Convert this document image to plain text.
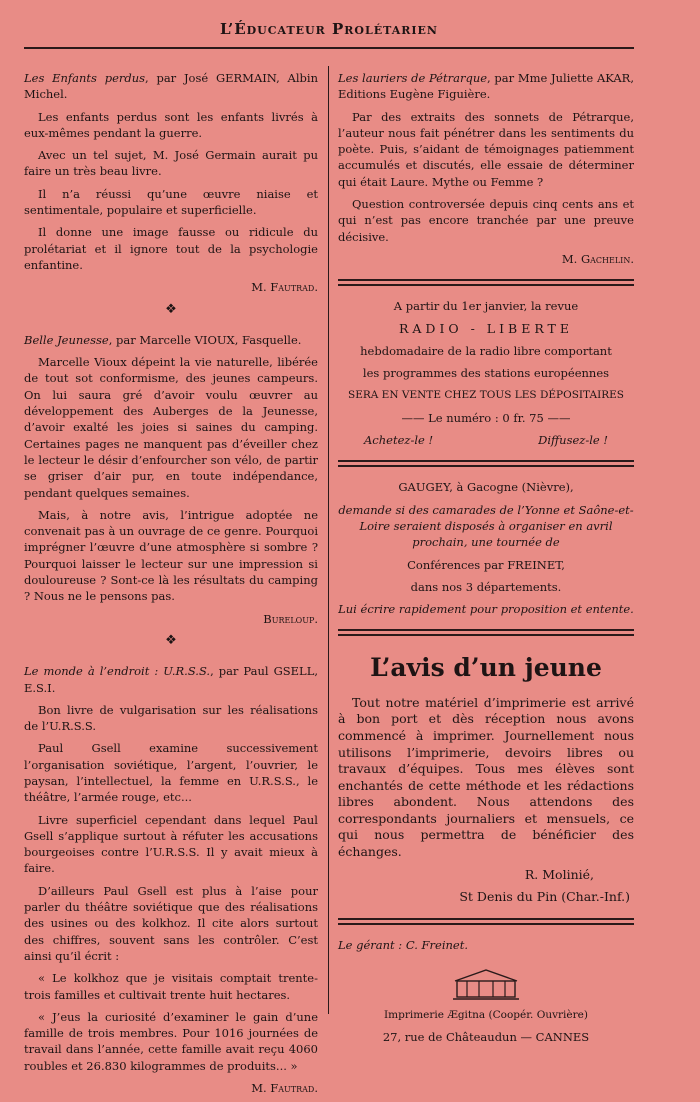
L’Éducateur Prolétarien

Les Enfants perdus, par José GERMAIN, Albin Michel.

Les enfants perdus sont les enfants livrés à eux-mêmes pendant la guerre.

Avec un tel sujet, M. José Germain aurait pu faire un très beau livre.

Il n’a réussi qu’une œuvre niaise et sentimentale, populaire et superficielle.

Il donne une image fausse ou ridicule du prolétariat et il ignore tout de la psychologie enfantine.

M. Fautrad.

❖

Belle Jeunesse, par Marcelle VIOUX, Fasquelle.

Marcelle Vioux dépeint la vie naturelle, libérée de tout sot conformisme, des jeunes campeurs. On lui saura gré d’avoir voulu œuvrer au développement des Auberges de la Jeunesse, d’avoir exalté les joies si saines du camping. Certaines pages ne manquent pas d’éveiller chez le lecteur le désir d’enfourcher son vélo, de partir se griser d’air pur, en toute indépendance, pendant quelques semaines.

Mais, à notre avis, l’intrigue adoptée ne convenait pas à un ouvrage de ce genre. Pourquoi imprégner l’œuvre d’une atmosphère si sombre ? Pourquoi laisser le lecteur sur une impression si douloureuse ? Sont-ce là les résultats du camping ? Nous ne le pensons pas.

Bureloup.

❖

Le monde à l’endroit : U.R.S.S., par Paul GSELL, E.S.I.

Bon livre de vulgarisation sur les réalisations de l’U.R.S.S.

Paul Gsell examine successivement l’organisation soviétique, l’argent, l’ouvrier, le paysan, l’intellectuel, la femme en U.R.S.S., le théâtre, l’armée rouge, etc...

Livre superficiel cependant dans lequel Paul Gsell s’applique surtout à réfuter les accusations bourgeoises contre l’U.R.S.S. Il y avait mieux à faire.

D’ailleurs Paul Gsell est plus à l’aise pour parler du théâtre soviétique que des réalisations des usines ou des kolkhoz. Il cite alors surtout des chiffres, souvent sans les contrôler. C’est ainsi qu’il écrit :

« Le kolkhoz que je visitais comptait trente-trois familles et cultivait trente huit hectares.

« J’eus la curiosité d’examiner le gain d’une famille de trois membres. Pour 1016 journées de travail dans l’année, cette famille avait reçu 4060 roubles et 26.830 kilogrammes de produits... »

M. Fautrad.

Les lauriers de Pétrarque, par Mme Juliette AKAR, Editions Eugène Figuière.

Par des extraits des sonnets de Pétrarque, l’auteur nous fait pénétrer dans les sentiments du poète. Puis, s’aidant de témoignages patiemment accumulés et discutés, elle essaie de déterminer qui était Laure. Mythe ou Femme ?

Question controversée depuis cinq cents ans et qui n’est pas encore tranchée par une preuve décisive.

M. Gachelin.

A partir du 1er janvier, la revue

RADIO - LIBERTE

hebdomadaire de la radio libre comportant

les programmes des stations européennes

SERA EN VENTE CHEZ TOUS LES DÉPOSITAIRES

—— Le numéro : 0 fr. 75 ——

Achetez-le !	Diffusez-le !

GAUGEY, à Gacogne (Nièvre),

demande si des camarades de l’Yonne et Saône-et-Loire seraient disposés à organiser en avril prochain, une tournée de

Conférences par FREINET,

dans nos 3 départements.

Lui écrire rapidement pour proposition et entente.

L’avis d’un jeune

Tout notre matériel d’imprimerie est arrivé à bon port et dès réception nous avons commencé à imprimer. Journellement nous utilisons l’imprimerie, devoirs libres ou travaux d’équipes. Tous mes élèves sont enchantés de cette méthode et les rédactions libres abondent. Nous attendons des correspondants journaliers et mensuels, ce qui nous permettra de bénéficier des échanges.

R. Molinié,

St Denis du Pin (Char.-Inf.)

Le gérant : C. Freinet.

Imprimerie Ægitna (Coopér. Ouvrière)

27, rue de Châteaudun — CANNES
